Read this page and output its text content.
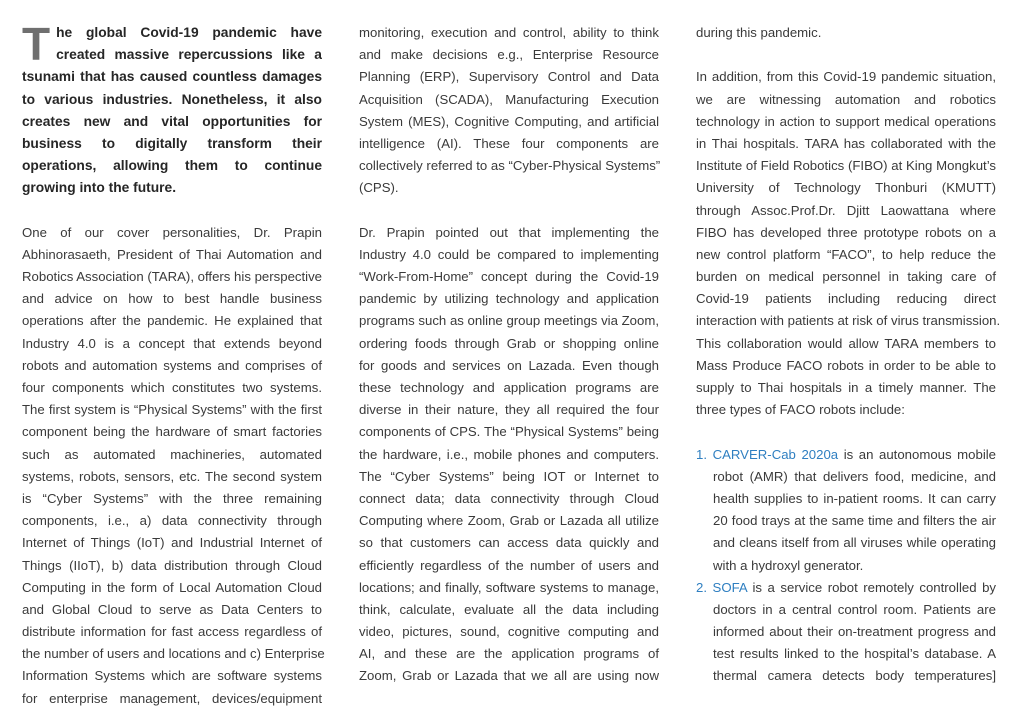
T he global Covid-19 pandemic have
created massive repercussions like a
tsunami that has caused countless damages
to various industries. Nonetheless, it also
creates new and vital opportunities for
business to digitally transform their
operations, allowing them to continue
growing into the future.
One of our cover personalities, Dr. Prapin
Abhinorasaeth, President of Thai Automation and
Robotics Association (TARA), offers his perspective
and advice on how to best handle business
operations after the pandemic. He explained that
Industry 4.0 is a concept that extends beyond
robots and automation systems and comprises of
four components which constitutes two systems.
The first system is “Physical Systems” with the first
component being the hardware of smart factories
such as automated machineries, automated
systems, robots, sensors, etc. The second system
is “Cyber Systems” with the three remaining
components, i.e., a) data connectivity through
Internet of Things (IoT) and Industrial Internet of
Things (IIoT), b) data distribution through Cloud
Computing in the form of Local Automation Cloud
and Global Cloud to serve as Data Centers to
distribute information for fast access regardless of
the number of users and locations and c) Enterprise
Information Systems which are software systems
for enterprise management, devices/equipment
monitoring, execution and control, ability to think
and make decisions e.g., Enterprise Resource
Planning (ERP), Supervisory Control and Data
Acquisition (SCADA), Manufacturing Execution
System (MES), Cognitive Computing, and artificial
intelligence (AI). These four components are
collectively referred to as “Cyber-Physical Systems”
(CPS).
Dr. Prapin pointed out that implementing the
Industry 4.0 could be compared to implementing
“Work-From-Home” concept during the Covid-19
pandemic by utilizing technology and application
programs such as online group meetings via Zoom,
ordering foods through Grab or shopping online
for goods and services on Lazada. Even though
these technology and application programs are
diverse in their nature, they all required the four
components of CPS. The “Physical Systems” being
the hardware, i.e., mobile phones and computers.
The “Cyber Systems” being IOT or Internet to
connect data; data connectivity through Cloud
Computing where Zoom, Grab or Lazada all utilize
so that customers can access data quickly and
efficiently regardless of the number of users and
locations; and finally, software systems to manage,
think, calculate, evaluate all the data including
video, pictures, sound, cognitive computing and
AI, and these are the application programs of
Zoom, Grab or Lazada that we all are using now
during this pandemic.
In addition, from this Covid-19 pandemic situation,
we are witnessing automation and robotics
technology in action to support medical operations
in Thai hospitals. TARA has collaborated with the
Institute of Field Robotics (FIBO) at King Mongkut’s
University of Technology Thonburi (KMUTT)
through Assoc.Prof.Dr. Djitt Laowattana where
FIBO has developed three prototype robots on a
new control platform “FACO”, to help reduce the
burden on medical personnel in taking care of
Covid-19 patients including reducing direct
interaction with patients at risk of virus transmission.
This collaboration would allow TARA members to
Mass Produce FACO robots in order to be able to
supply to Thai hospitals in a timely manner. The
three types of FACO robots include:
1. CARVER-Cab 2020a is an autonomous mobile
robot (AMR) that delivers food, medicine, and
health supplies to in-patient rooms. It can carry
20 food trays at the same time and filters the air
and cleans itself from all viruses while operating
with a hydroxyl generator.
2. SOFA is a service robot remotely controlled by
doctors in a central control room. Patients are
informed about their on-treatment progress and
test results linked to the hospital’s database. A
thermal camera detects body temperatures]
